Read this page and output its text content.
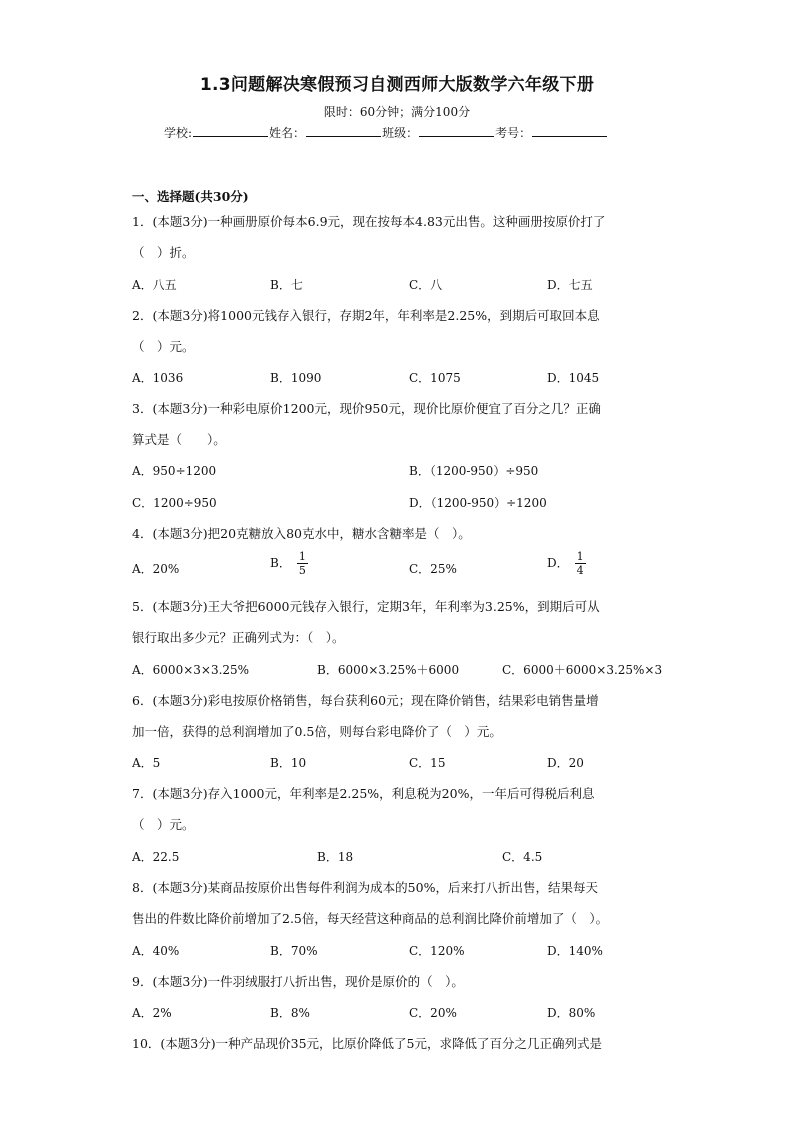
1.3问题解决寒假预习自测西师大版数学六年级下册
限时：60分钟；满分100分
学校:	姓名：	班级：	考号：
一、选择题(共30分)
1．(本题3分)一种画册原价每本6.9元，现在按每本4.83元出售。这种画册按原价打了
（　）折。
A．八五	B．七	C．八	D．七五
2．(本题3分)将1000元钱存入银行，存期2年，年利率是2.25%，到期后可取回本息
（　）元。
A．1036	B．1090	C．1075	D．1045
3．(本题3分)一种彩电原价1200元，现价950元，现价比原价便宜了百分之几？正确
算式是（　　）。
A．950÷1200	B．（1200-950）÷950
C．1200÷950	D．（1200-950）÷1200
4．(本题3分)把20克糖放入80克水中，糖水含糖率是（　）。
A．20%	B． $\frac{1}{5}$	C．25%	D． $\frac{1}{4}$
5．(本题3分)王大爷把6000元钱存入银行，定期3年，年利率为3.25%，到期后可从
银行取出多少元？正确列式为：（　）。
A．6000×3×3.25%	B．6000×3.25%＋6000	C．6000＋6000×3.25%×3
6．(本题3分)彩电按原价格销售，每台获利60元；现在降价销售，结果彩电销售量增
加一倍，获得的总利润增加了0.5倍，则每台彩电降价了（　）元。
A．5	B．10	C．15	D．20
7．(本题3分)存入1000元，年利率是2.25%，利息税为20%，一年后可得税后利息
（　）元。
A．22.5	B．18	C．4.5
8．(本题3分)某商品按原价出售每件利润为成本的50%，后来打八折出售，结果每天
售出的件数比降价前增加了2.5倍，每天经营这种商品的总利润比降价前增加了（　）。
A．40%	B．70%	C．120%	D．140%
9．(本题3分)一件羽绒服打八折出售，现价是原价的（　）。
A．2%	B．8%	C．20%	D．80%
10．(本题3分)一种产品现价35元，比原价降低了5元，求降低了百分之几正确列式是
